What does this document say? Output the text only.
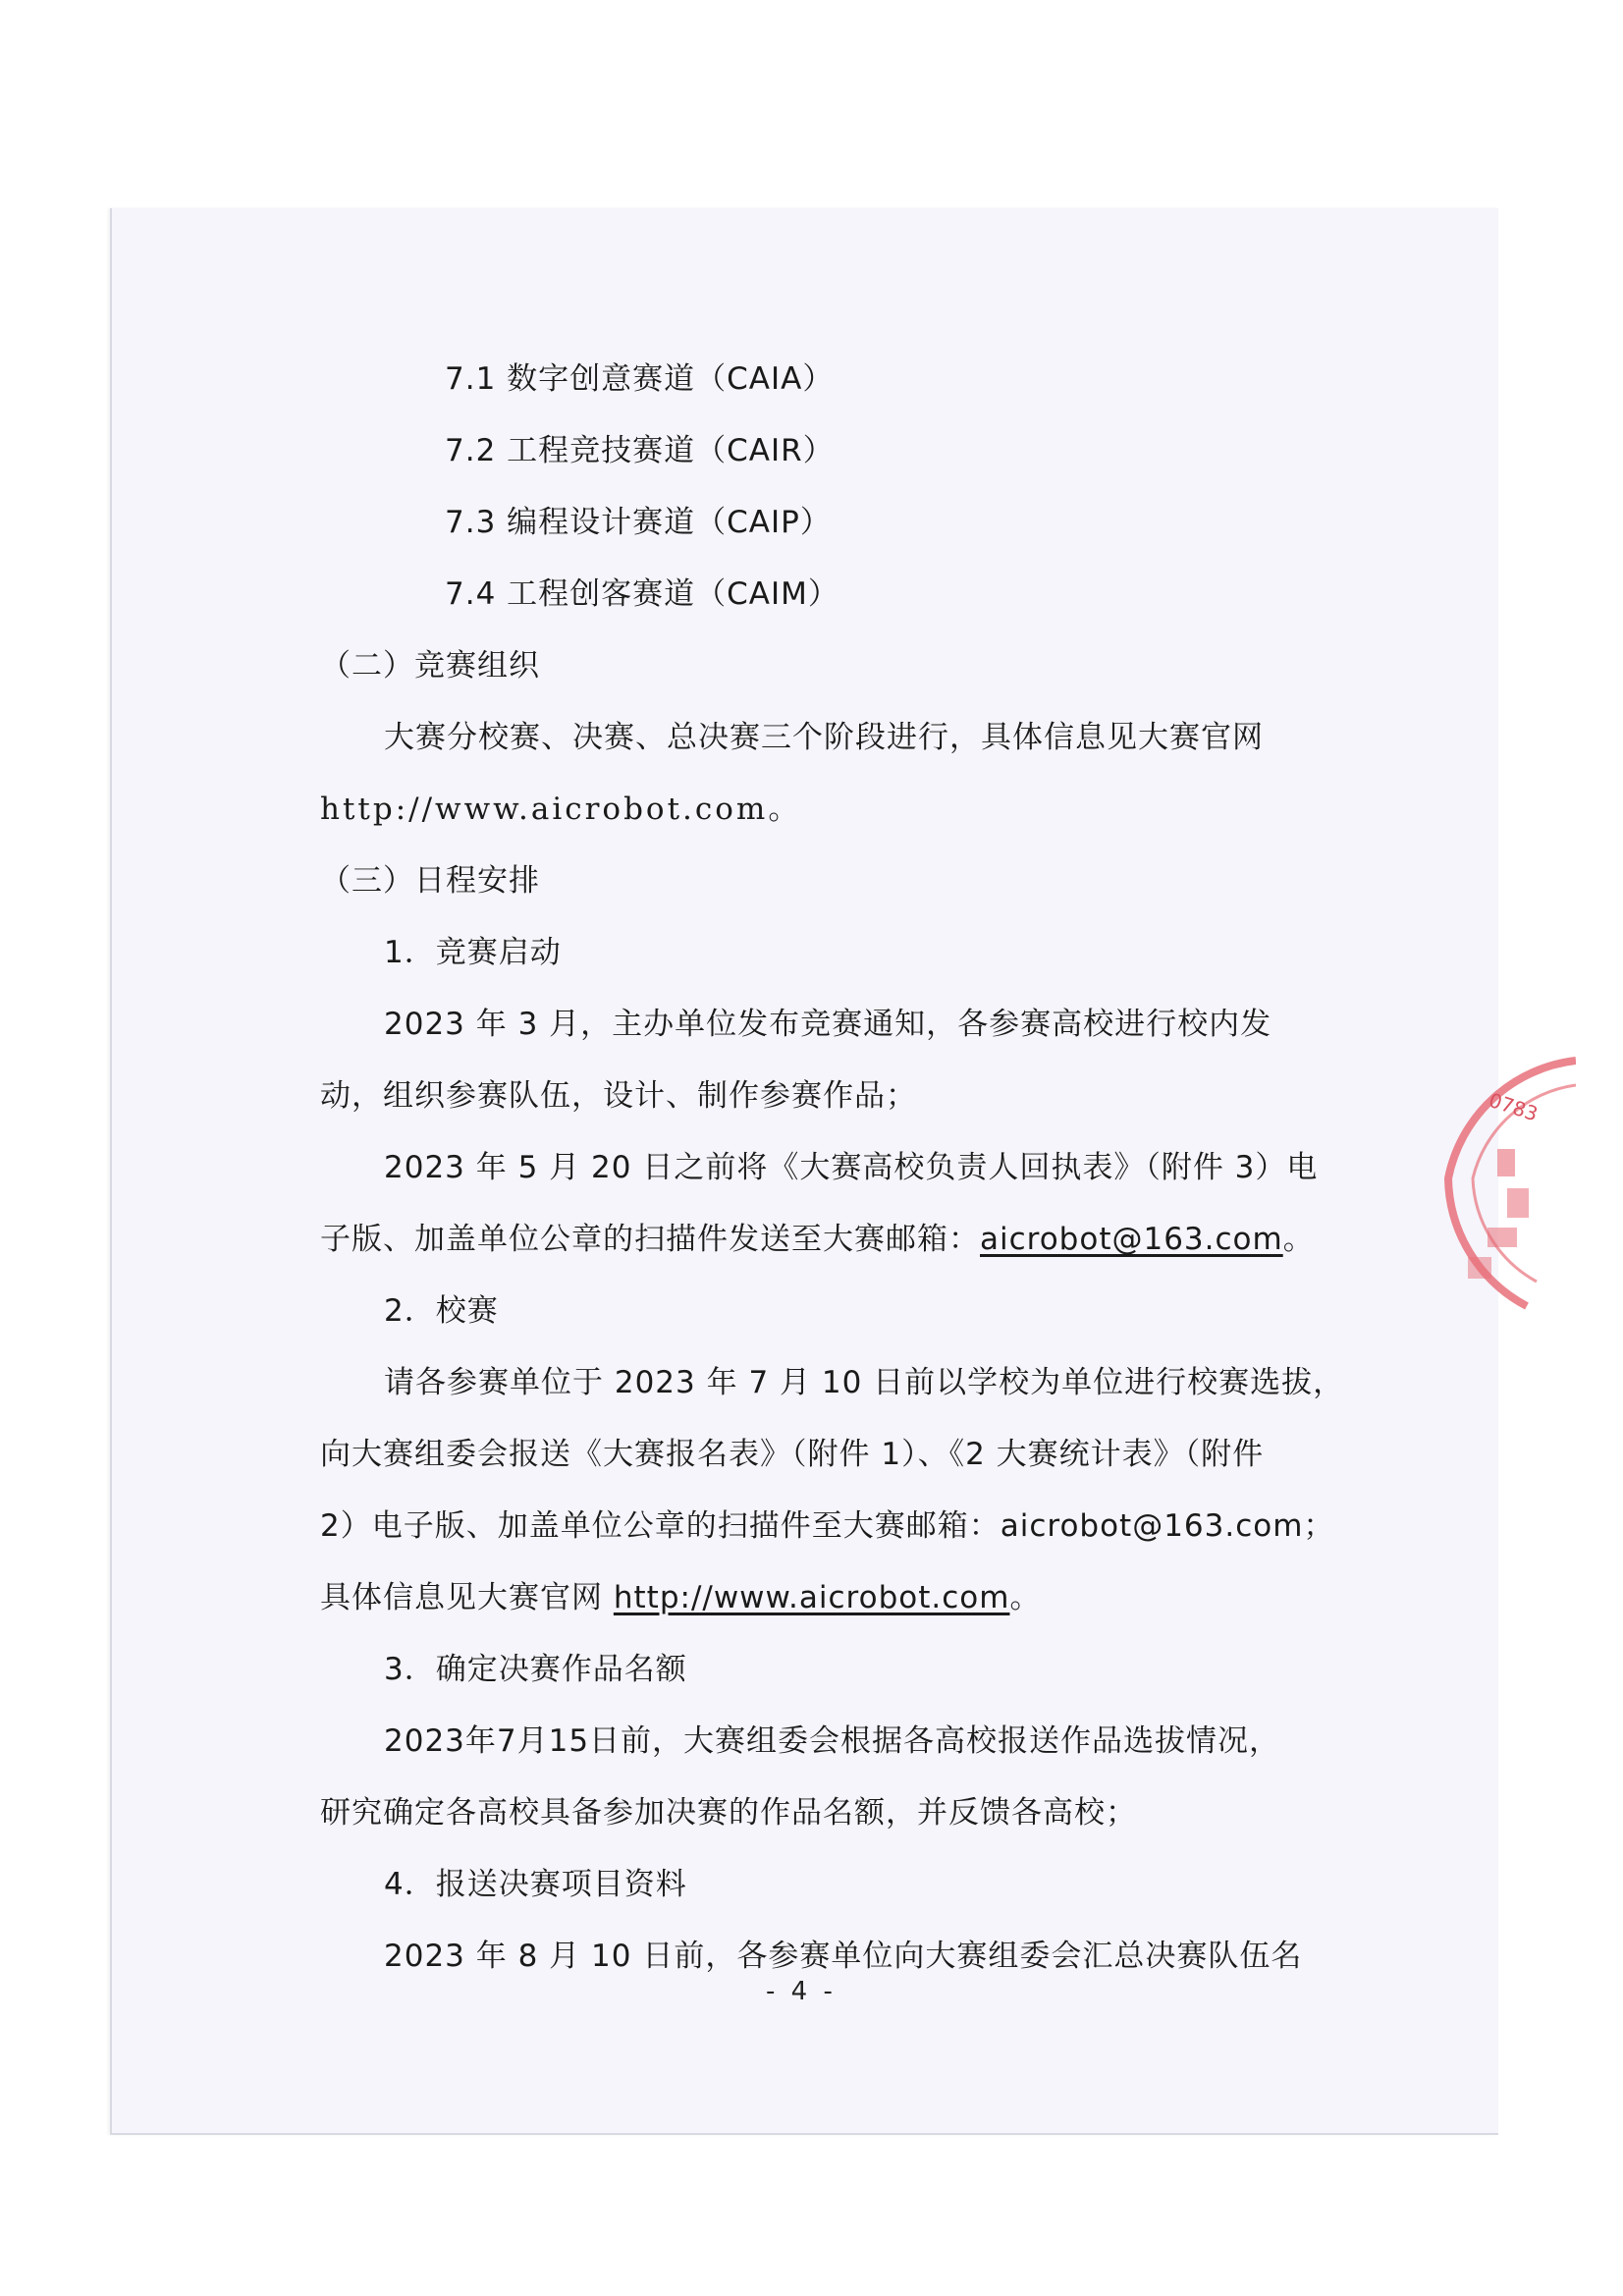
7.1 数字创意赛道（CAIA）
7.2 工程竞技赛道（CAIR）
7.3 编程设计赛道（CAIP）
7.4 工程创客赛道（CAIM）
（二）竞赛组织
大赛分校赛、决赛、总决赛三个阶段进行，具体信息见大赛官网
http://www.aicrobot.com。
（三）日程安排
1．竞赛启动
2023 年 3 月，主办单位发布竞赛通知，各参赛高校进行校内发
动，组织参赛队伍，设计、制作参赛作品；
2023 年 5 月 20 日之前将《大赛高校负责人回执表》（附件 3）电
子版、加盖单位公章的扫描件发送至大赛邮箱：aicrobot@163.com。
2．校赛
请各参赛单位于 2023 年 7 月 10 日前以学校为单位进行校赛选拔，
向大赛组委会报送《大赛报名表》（附件 1）、《2 大赛统计表》（附件
2）电子版、加盖单位公章的扫描件至大赛邮箱：aicrobot@163.com；
具体信息见大赛官网 http://www.aicrobot.com。
3．确定决赛作品名额
2023年7月15日前，大赛组委会根据各高校报送作品选拔情况，
研究确定各高校具备参加决赛的作品名额，并反馈各高校；
4．报送决赛项目资料
2023 年 8 月 10 日前，各参赛单位向大赛组委会汇总决赛队伍名
- 4 -
0783
